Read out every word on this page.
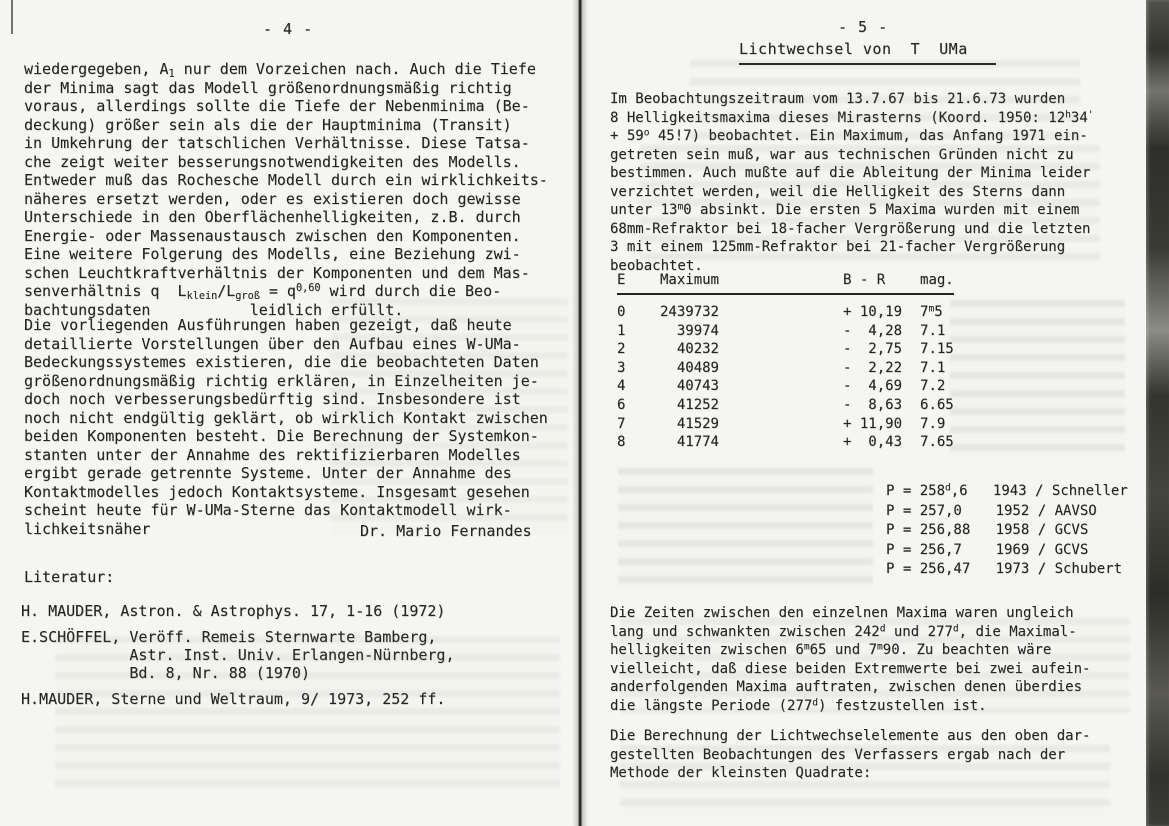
- 4 -
wiedergegeben, $A_1$ nur dem Vorzeichen nach. Auch die Tiefe
der Minima sagt das Modell größenordnungsmäßig richtig
voraus, allerdings sollte die Tiefe der Nebenminima (Be-
deckung) größer sein als die der Hauptminima (Transit)
in Umkehrung der tatschlichen Verhältnisse. Diese Tatsa-
che zeigt weiter besserungsnotwendigkeiten des Modells.
Entweder muß das Rochesche Modell durch ein wirklichkeits-
näheres ersetzt werden, oder es existieren doch gewisse
Unterschiede in den Oberflächenhelligkeiten, z.B. durch
Energie- oder Massenaustausch zwischen den Komponenten.
Eine weitere Folgerung des Modells, eine Beziehung zwi-
schen Leuchtkraftverhältnis der Komponenten und dem Mas-
senverhältnis q  $L_{klein}/L_{groß} = q^{0,60}$ wird durch die Beo-
bachtungsdaten           leidlich erfüllt.
Die vorliegenden Ausführungen haben gezeigt, daß heute
detaillierte Vorstellungen über den Aufbau eines W-UMa-
Bedeckungssystemes existieren, die die beobachteten Daten
größenordnungsmäßig richtig erklären, in Einzelheiten je-
doch noch verbesserungsbedürftig sind. Insbesondere ist
noch nicht endgültig geklärt, ob wirklich Kontakt zwischen
beiden Komponenten besteht. Die Berechnung der Systemkon-
stanten unter der Annahme des rektifizierbaren Modelles
ergibt gerade getrennte Systeme. Unter der Annahme des
Kontaktmodelles jedoch Kontaktsysteme. Insgesamt gesehen
scheint heute für W-UMa-Sterne das Kontaktmodell wirk-
lichkeitsnäher	Dr. Mario Fernandes
Literatur:
H. MAUDER, Astron. & Astrophys. 17, 1-16 (1972)
E.SCHÖFFEL, Veröff. Remeis Sternwarte Bamberg,
Astr. Inst. Univ. Erlangen-Nürnberg,
Bd. 8, Nr. 88 (1970)
H.MAUDER, Sterne und Weltraum, 9/ 1973, 252 ff.
- 5 -
Lichtwechsel von  T  UMa
Im Beobachtungszeitraum vom 13.7.67 bis 21.6.73 wurden
8 Helligkeitsmaxima dieses Mirasterns (Koord. 1950: $12^h34'$
+ $59^o$ 45!7) beobachtet. Ein Maximum, das Anfang 1971 ein-
getreten sein muß, war aus technischen Gründen nicht zu
bestimmen. Auch mußte auf die Ableitung der Minima leider
verzichtet werden, weil die Helligkeit des Sterns dann
unter 13$^m$0 absinkt. Die ersten 5 Maxima wurden mit einem
68mm-Refraktor bei 18-facher Vergrößerung und die letzten
3 mit einem 125mm-Refraktor bei 21-facher Vergrößerung
beobachtet.
E	Maximum	B - R	mag.
0	2439732	+ 10,19	7$^m$5
1	39974	-  4,28	7.1
2	40232	-  2,75	7.15
3	40489	-  2,22	7.1
4	40743	-  4,69	7.2
6	41252	-  8,63	6.65
7	41529	+ 11,90	7.9
8	41774	+  0,43	7.65
$P = 258^d,6$   1943 / Schneller
P = 257,0    1952 / AAVSO
P = 256,88   1958 / GCVS
P = 256,7    1969 / GCVS
P = 256,47   1973 / Schubert
Die Zeiten zwischen den einzelnen Maxima waren ungleich
lang und schwankten zwischen 242$^d$ und 277$^d$, die Maximal-
helligkeiten zwischen 6$^m$65 und 7$^m$90. Zu beachten wäre
vielleicht, daß diese beiden Extremwerte bei zwei aufein-
anderfolgenden Maxima auftraten, zwischen denen überdies
die längste Periode (277$^d$) festzustellen ist.
Die Berechnung der Lichtwechselelemente aus den oben dar-
gestellten Beobachtungen des Verfassers ergab nach der
Methode der kleinsten Quadrate:
